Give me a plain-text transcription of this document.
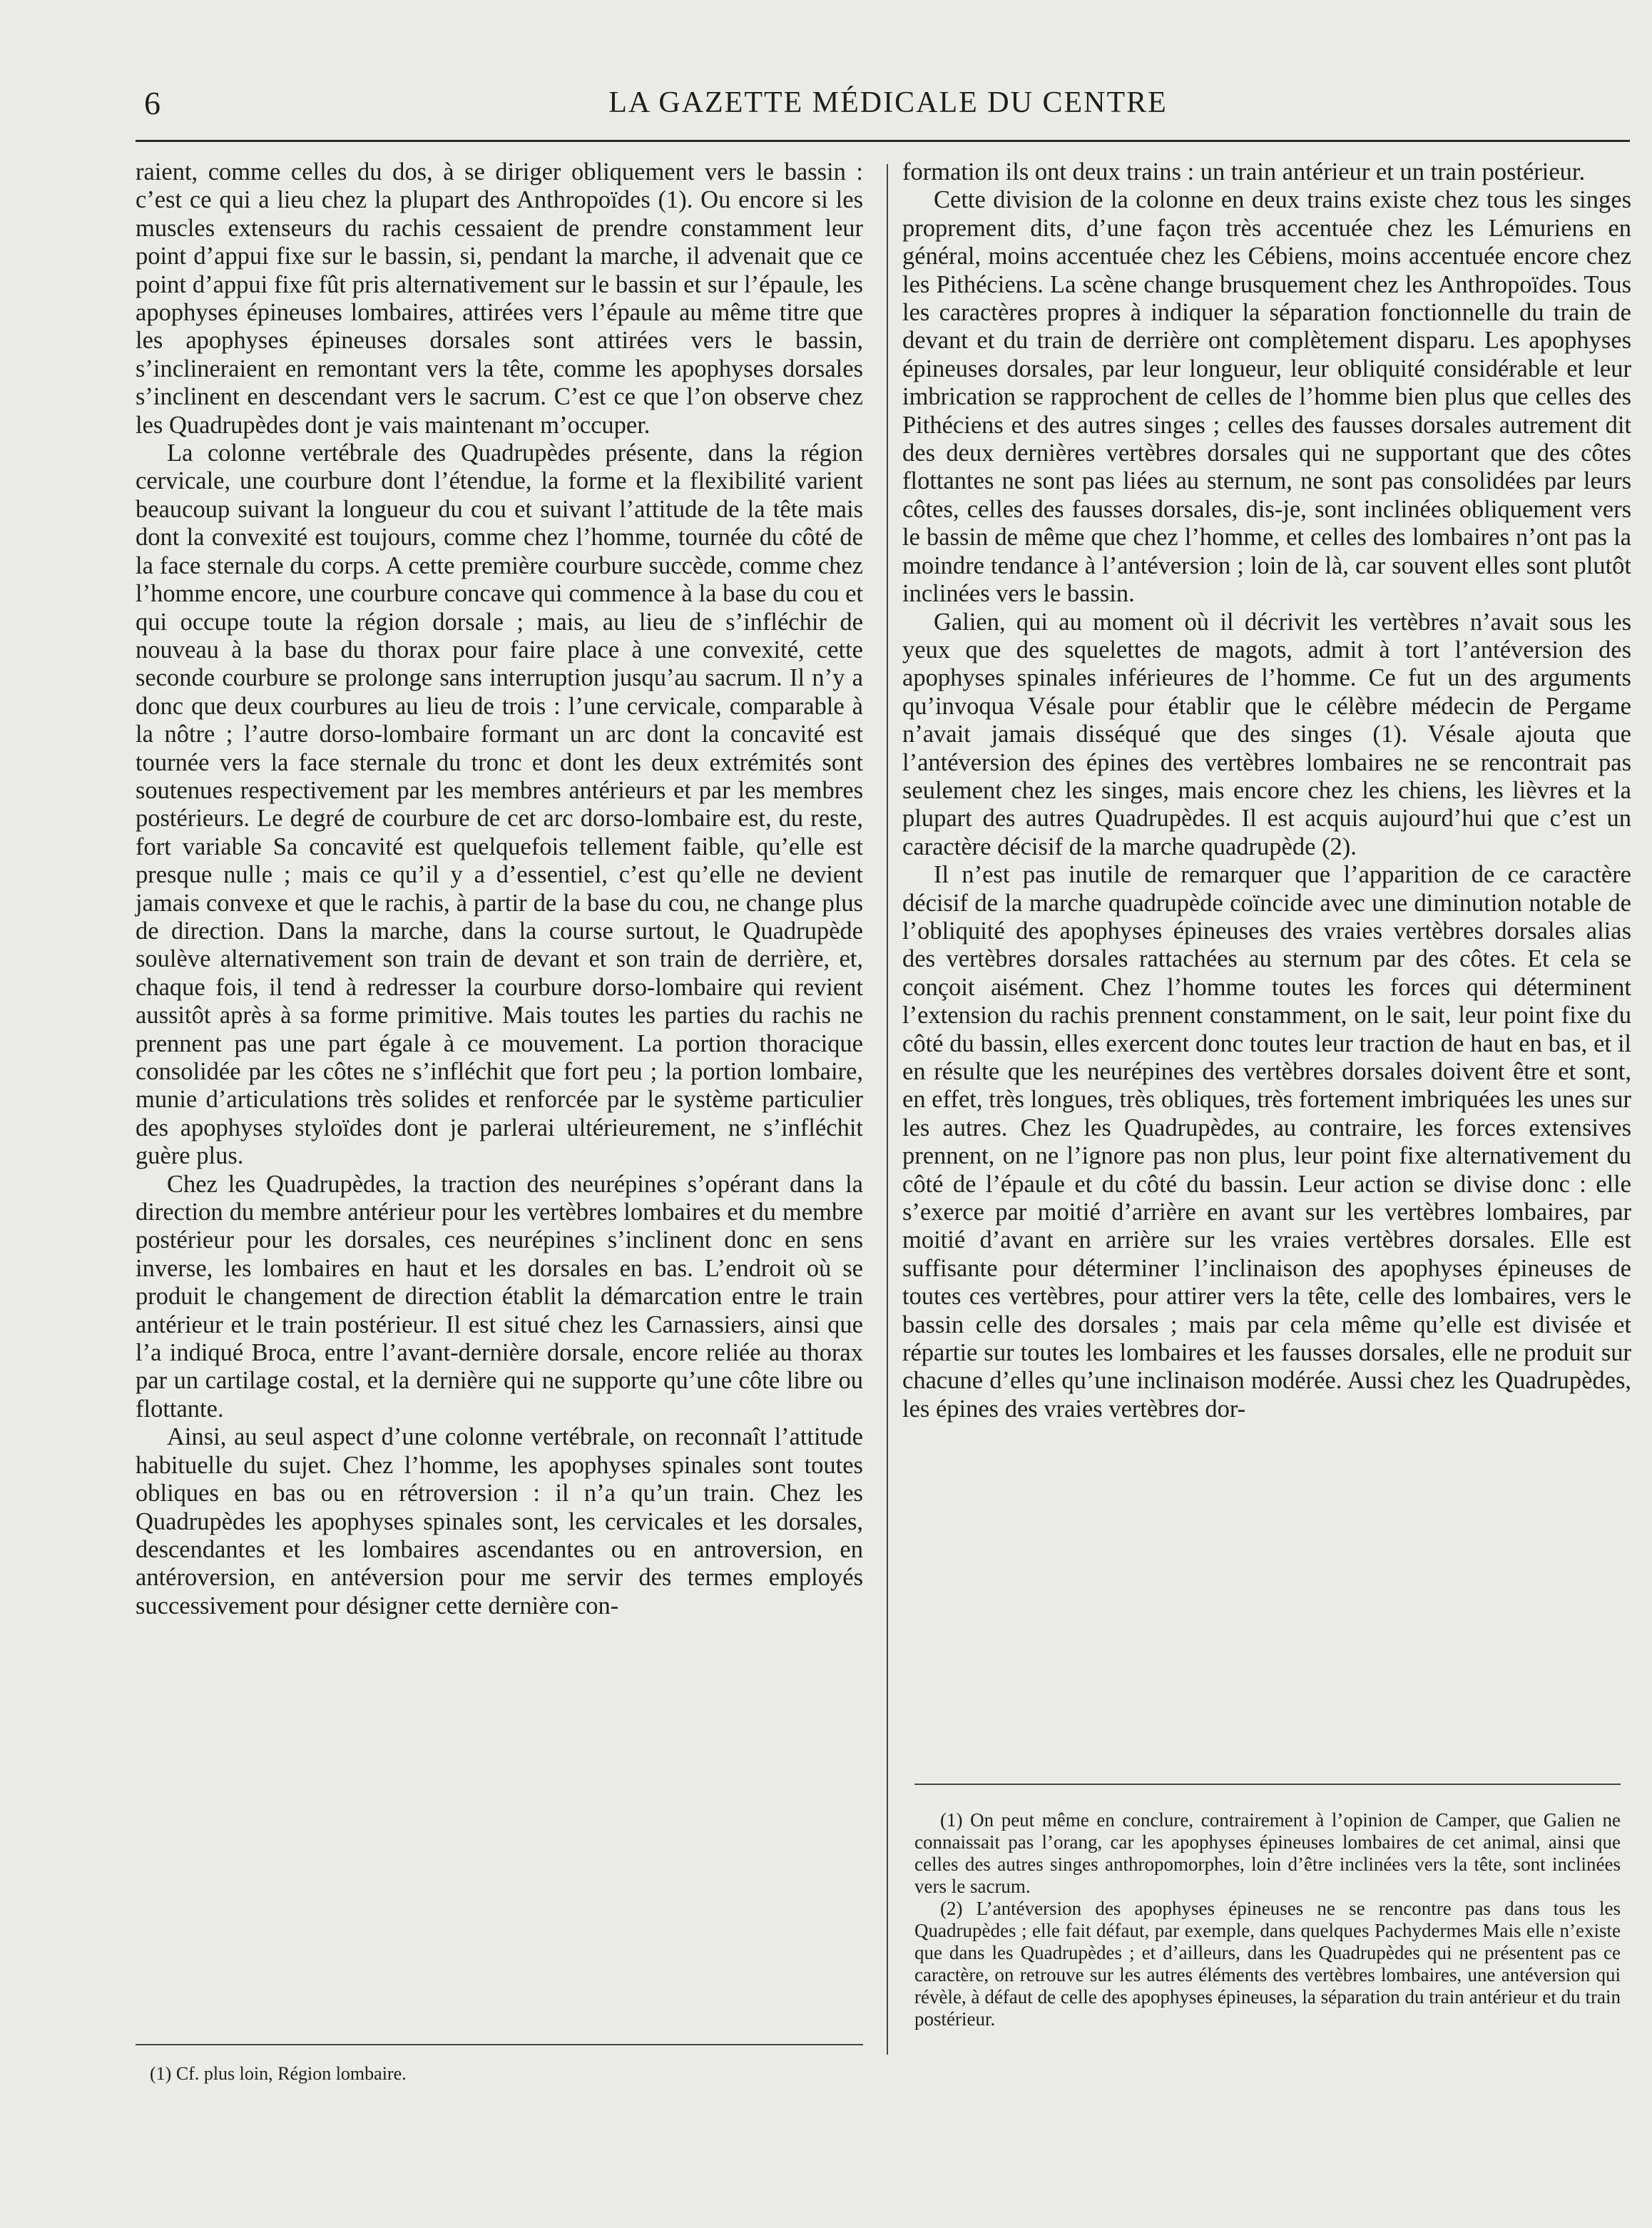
6	LA GAZETTE MÉDICALE DU CENTRE

raient, comme celles du dos, à se diriger obliquement vers le bassin : c’est ce qui a lieu chez la plupart des Anthropoïdes (1). Ou encore si les muscles extenseurs du rachis cessaient de prendre constamment leur point d’appui fixe sur le bassin, si, pendant la marche, il advenait que ce point d’appui fixe fût pris alternativement sur le bassin et sur l’épaule, les apophyses épineuses lombaires, attirées vers l’épaule au même titre que les apophyses épineuses dorsales sont attirées vers le bassin, s’inclineraient en remontant vers la tête, comme les apophyses dorsales s’inclinent en descendant vers le sacrum. C’est ce que l’on observe chez les Quadrupèdes dont je vais maintenant m’occuper.

La colonne vertébrale des Quadrupèdes présente, dans la région cervicale, une courbure dont l’étendue, la forme et la flexibilité varient beaucoup suivant la longueur du cou et suivant l’attitude de la tête mais dont la convexité est toujours, comme chez l’homme, tournée du côté de la face sternale du corps. A cette première courbure succède, comme chez l’homme encore, une courbure concave qui commence à la base du cou et qui occupe toute la région dorsale ; mais, au lieu de s’infléchir de nouveau à la base du thorax pour faire place à une convexité, cette seconde courbure se prolonge sans interruption jusqu’au sacrum. Il n’y a donc que deux courbures au lieu de trois : l’une cervicale, comparable à la nôtre ; l’autre dorso-lombaire formant un arc dont la concavité est tournée vers la face sternale du tronc et dont les deux extrémités sont soutenues respectivement par les membres antérieurs et par les membres postérieurs. Le degré de courbure de cet arc dorso-lombaire est, du reste, fort variable Sa concavité est quelquefois tellement faible, qu’elle est presque nulle ; mais ce qu’il y a d’essentiel, c’est qu’elle ne devient jamais convexe et que le rachis, à partir de la base du cou, ne change plus de direction. Dans la marche, dans la course surtout, le Quadrupède soulève alternativement son train de devant et son train de derrière, et, chaque fois, il tend à redresser la courbure dorso-lombaire qui revient aussitôt après à sa forme primitive. Mais toutes les parties du rachis ne prennent pas une part égale à ce mouvement. La portion thoracique consolidée par les côtes ne s’infléchit que fort peu ; la portion lombaire, munie d’articulations très solides et renforcée par le système particulier des apophyses styloïdes dont je parlerai ultérieurement, ne s’infléchit guère plus.

Chez les Quadrupèdes, la traction des neurépines s’opérant dans la direction du membre antérieur pour les vertèbres lombaires et du membre postérieur pour les dorsales, ces neurépines s’inclinent donc en sens inverse, les lombaires en haut et les dorsales en bas. L’endroit où se produit le changement de direction établit la démarcation entre le train antérieur et le train postérieur. Il est situé chez les Carnassiers, ainsi que l’a indiqué Broca, entre l’avant-dernière dorsale, encore reliée au thorax par un cartilage costal, et la dernière qui ne supporte qu’une côte libre ou flottante.

Ainsi, au seul aspect d’une colonne vertébrale, on reconnaît l’attitude habituelle du sujet. Chez l’homme, les apophyses spinales sont toutes obliques en bas ou en rétroversion : il n’a qu’un train. Chez les Quadrupèdes les apophyses spinales sont, les cervicales et les dorsales, descendantes et les lombaires ascendantes ou en antroversion, en antéroversion, en antéversion pour me servir des termes employés successivement pour désigner cette dernière con-

formation ils ont deux trains : un train antérieur et un train postérieur.

Cette division de la colonne en deux trains existe chez tous les singes proprement dits, d’une façon très accentuée chez les Lémuriens en général, moins accentuée chez les Cébiens, moins accentuée encore chez les Pithéciens. La scène change brusquement chez les Anthropoïdes. Tous les caractères propres à indiquer la séparation fonctionnelle du train de devant et du train de derrière ont complètement disparu. Les apophyses épineuses dorsales, par leur longueur, leur obliquité considérable et leur imbrication se rapprochent de celles de l’homme bien plus que celles des Pithéciens et des autres singes ; celles des fausses dorsales autrement dit des deux dernières vertèbres dorsales qui ne supportant que des côtes flottantes ne sont pas liées au sternum, ne sont pas consolidées par leurs côtes, celles des fausses dorsales, dis-je, sont inclinées obliquement vers le bassin de même que chez l’homme, et celles des lombaires n’ont pas la moindre tendance à l’antéversion ; loin de là, car souvent elles sont plutôt inclinées vers le bassin.

Galien, qui au moment où il décrivit les vertèbres n’avait sous les yeux que des squelettes de magots, admit à tort l’antéversion des apophyses spinales inférieures de l’homme. Ce fut un des arguments qu’invoqua Vésale pour établir que le célèbre médecin de Pergame n’avait jamais disséqué que des singes (1). Vésale ajouta que l’antéversion des épines des vertèbres lombaires ne se rencontrait pas seulement chez les singes, mais encore chez les chiens, les lièvres et la plupart des autres Quadrupèdes. Il est acquis aujourd’hui que c’est un caractère décisif de la marche quadrupède (2).

Il n’est pas inutile de remarquer que l’apparition de ce caractère décisif de la marche quadrupède coïncide avec une diminution notable de l’obliquité des apophyses épineuses des vraies vertèbres dorsales alias des vertèbres dorsales rattachées au sternum par des côtes. Et cela se conçoit aisément. Chez l’homme toutes les forces qui déterminent l’extension du rachis prennent constamment, on le sait, leur point fixe du côté du bassin, elles exercent donc toutes leur traction de haut en bas, et il en résulte que les neurépines des vertèbres dorsales doivent être et sont, en effet, très longues, très obliques, très fortement imbriquées les unes sur les autres. Chez les Quadrupèdes, au contraire, les forces extensives prennent, on ne l’ignore pas non plus, leur point fixe alternativement du côté de l’épaule et du côté du bassin. Leur action se divise donc : elle s’exerce par moitié d’arrière en avant sur les vertèbres lombaires, par moitié d’avant en arrière sur les vraies vertèbres dorsales. Elle est suffisante pour déterminer l’inclinaison des apophyses épineuses de toutes ces vertèbres, pour attirer vers la tête, celle des lombaires, vers le bassin celle des dorsales ; mais par cela même qu’elle est divisée et répartie sur toutes les lombaires et les fausses dorsales, elle ne produit sur chacune d’elles qu’une inclinaison modérée. Aussi chez les Quadrupèdes, les épines des vraies vertèbres dor-

(1) Cf. plus loin, Région lombaire.

(1) On peut même en conclure, contrairement à l’opinion de Camper, que Galien ne connaissait pas l’orang, car les apophyses épineuses lombaires de cet animal, ainsi que celles des autres singes anthropomorphes, loin d’être inclinées vers la tête, sont inclinées vers le sacrum.

(2) L’antéversion des apophyses épineuses ne se rencontre pas dans tous les Quadrupèdes ; elle fait défaut, par exemple, dans quelques Pachydermes Mais elle n’existe que dans les Quadrupèdes ; et d’ailleurs, dans les Quadrupèdes qui ne présentent pas ce caractère, on retrouve sur les autres éléments des vertèbres lombaires, une antéversion qui révèle, à défaut de celle des apophyses épineuses, la séparation du train antérieur et du train postérieur.
